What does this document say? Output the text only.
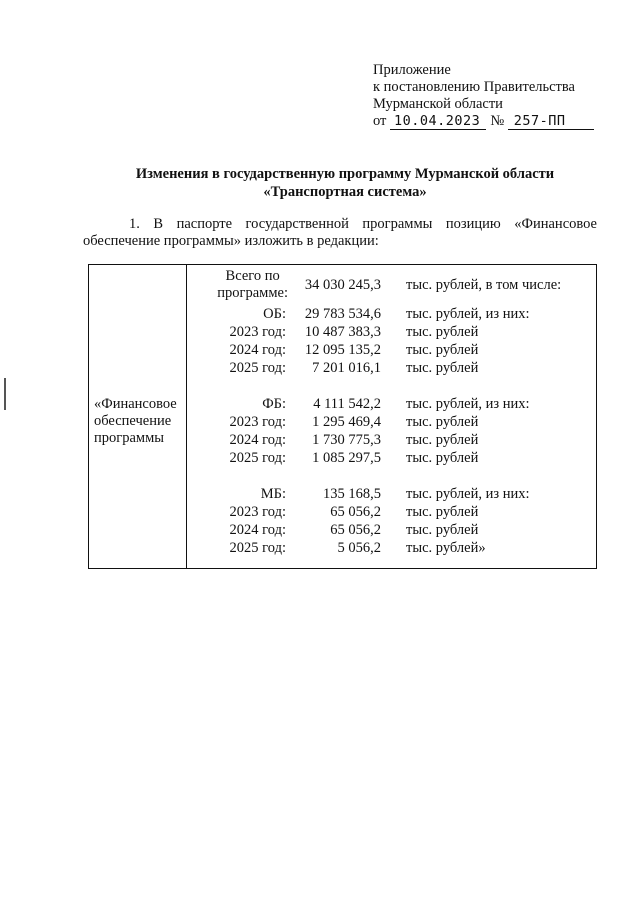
Приложение
к постановлению Правительства
Мурманской области
от 10.04.2023 № 257-ПП
Изменения в государственную программу Мурманской области
«Транспортная система»
1. В паспорте государственной программы позицию «Финансовое
обеспечение программы» изложить в редакции:
«Финансовое
обеспечение
программы
Всего по
программе: 34 030 245,3 тыс. рублей, в том числе:
ОБ: 29 783 534,6 тыс. рублей, из них:
2023 год: 10 487 383,3 тыс. рублей
2024 год: 12 095 135,2 тыс. рублей
2025 год: 7 201 016,1 тыс. рублей
ФБ: 4 111 542,2 тыс. рублей, из них:
2023 год: 1 295 469,4 тыс. рублей
2024 год: 1 730 775,3 тыс. рублей
2025 год: 1 085 297,5 тыс. рублей
МБ:	135 168,5 тыс. рублей, из них:
2023 год:	65 056,2 тыс. рублей
2024 год:	65 056,2 тыс. рублей
2025 год:	5 056,2 тыс. рублей»
